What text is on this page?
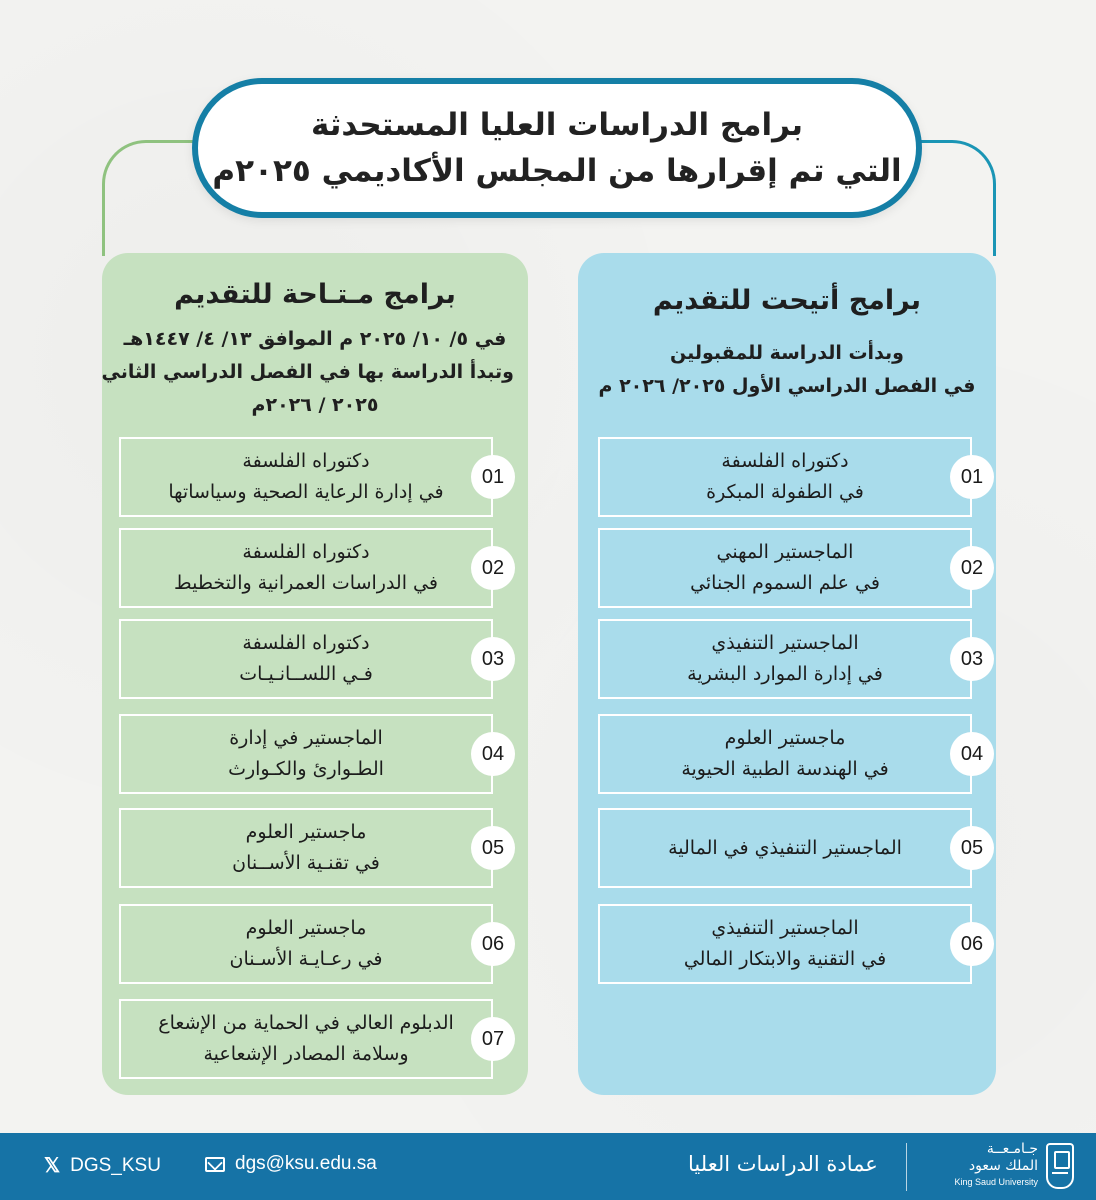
برامج الدراسات العليا المستحدثة
التي تم إقرارها من المجلس الأكاديمي ٢٠٢٥م
برامج مـتـاحة للتقديم
في ٥/ ١٠/ ٢٠٢٥ م الموافق ١٣/ ٤/ ١٤٤٧هـ
وتبدأ الدراسة بها في الفصل الدراسي الثاني
٢٠٢٥ / ٢٠٢٦م
دكتوراه الفلسفة
في إدارة الرعاية الصحية وسياساتها
01
دكتوراه الفلسفة
في الدراسات العمرانية والتخطيط
02
دكتوراه الفلسفة
فـي اللســانـيـات
03
الماجستير في إدارة
الطـوارئ والكـوارث
04
ماجستير العلوم
في تقنـية الأســنان
05
ماجستير العلوم
في رعـايـة الأسـنان
06
الدبلوم العالي في الحماية من الإشعاع
وسلامة المصادر الإشعاعية
07
برامج أتيحت للتقديم
وبدأت الدراسة للمقبولين
في الفصل الدراسي الأول ٢٠٢٥/ ٢٠٢٦ م
دكتوراه الفلسفة
في الطفولة المبكرة
01
الماجستير المهني
في علم السموم الجنائي
02
الماجستير التنفيذي
في إدارة الموارد البشرية
03
ماجستير العلوم
في الهندسة الطبية الحيوية
04
الماجستير التنفيذي في المالية	05
الماجستير التنفيذي
في التقنية والابتكار المالي
06
𝕏 DGS_KSU	dgs@ksu.edu.sa	عمادة الدراسات العليا
جـامـعــة
الملك سعود
King Saud University
